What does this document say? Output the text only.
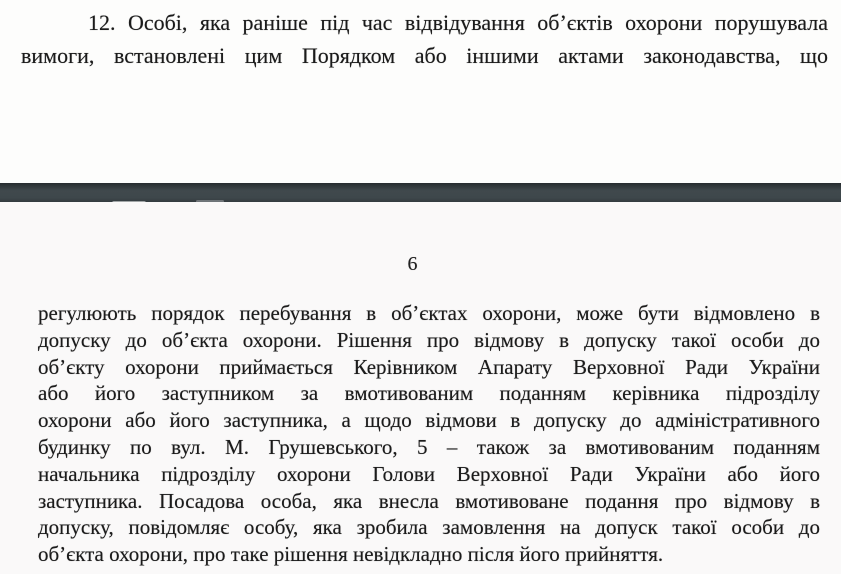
12. Особі, яка раніше під час відвідування об’єктів охорони порушувала
вимоги, встановлені цим Порядком або іншими актами законодавства, що

6
регулюють порядок перебування в об’єктах охорони, може бути відмовлено в
допуску до об’єкта охорони. Рішення про відмову в допуску такої особи до
об’єкту охорони приймається Керівником Апарату Верховної Ради України
або його заступником за вмотивованим поданням керівника підрозділу
охорони або його заступника, а щодо відмови в допуску до адміністративного
будинку по вул. М. Грушевського, 5 – також за вмотивованим поданням
начальника підрозділу охорони Голови Верховної Ради України або його
заступника. Посадова особа, яка внесла вмотивоване подання про відмову в
допуску, повідомляє особу, яка зробила замовлення на допуск такої особи до
об’єкта охорони, про таке рішення невідкладно після його прийняття.
